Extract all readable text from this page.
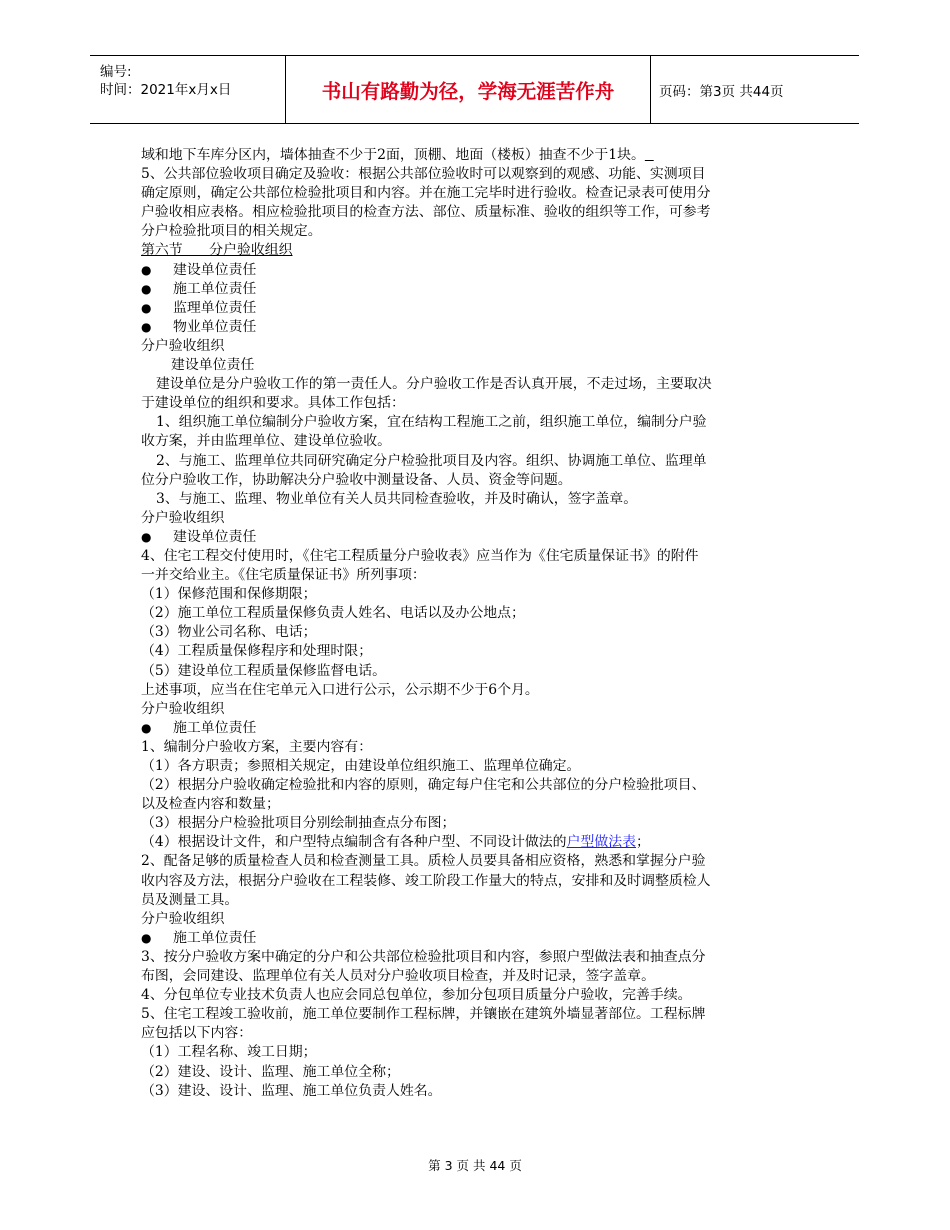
编号:
时间：2021年x月x日	书山有路勤为径，学海无涯苦作舟	页码：第3页 共44页
域和地下车库分区内，墙体抽查不少于2面，顶棚、地面（楼板）抽查不少于1块。
5、公共部位验收项目确定及验收：根据公共部位验收时可以观察到的观感、功能、实测项目
确定原则，确定公共部位检验批项目和内容。并在施工完毕时进行验收。检查记录表可使用分
户验收相应表格。相应检验批项目的检查方法、部位、质量标准、验收的组织等工作，可参考
分户检验批项目的相关规定。
第六节      分户验收组织
● 建设单位责任
● 施工单位责任
● 监理单位责任
● 物业单位责任
分户验收组织
建设单位责任
建设单位是分户验收工作的第一责任人。分户验收工作是否认真开展，不走过场，主要取决
于建设单位的组织和要求。具体工作包括：
1、组织施工单位编制分户验收方案，宜在结构工程施工之前，组织施工单位，编制分户验
收方案，并由监理单位、建设单位验收。
2、与施工、监理单位共同研究确定分户检验批项目及内容。组织、协调施工单位、监理单
位分户验收工作，协助解决分户验收中测量设备、人员、资金等问题。
3、与施工、监理、物业单位有关人员共同检查验收，并及时确认，签字盖章。
分户验收组织
● 建设单位责任
4、住宅工程交付使用时，《住宅工程质量分户验收表》应当作为《住宅质量保证书》的附件
一并交给业主。《住宅质量保证书》所列事项：
（1）保修范围和保修期限；
（2）施工单位工程质量保修负责人姓名、电话以及办公地点；
（3）物业公司名称、电话；
（4）工程质量保修程序和处理时限；
（5）建设单位工程质量保修监督电话。
上述事项，应当在住宅单元入口进行公示，公示期不少于6个月。
分户验收组织
● 施工单位责任
1、编制分户验收方案，主要内容有：
（1）各方职责；参照相关规定，由建设单位组织施工、监理单位确定。
（2）根据分户验收确定检验批和内容的原则，确定每户住宅和公共部位的分户检验批项目、
以及检查内容和数量；
（3）根据分户检验批项目分别绘制抽查点分布图；
（4）根据设计文件，和户型特点编制含有各种户型、不同设计做法的户型做法表；
2、配备足够的质量检查人员和检查测量工具。质检人员要具备相应资格，熟悉和掌握分户验
收内容及方法，根据分户验收在工程装修、竣工阶段工作量大的特点，安排和及时调整质检人
员及测量工具。
分户验收组织
● 施工单位责任
3、按分户验收方案中确定的分户和公共部位检验批项目和内容，参照户型做法表和抽查点分
布图，会同建设、监理单位有关人员对分户验收项目检查，并及时记录，签字盖章。
4、分包单位专业技术负责人也应会同总包单位，参加分包项目质量分户验收，完善手续。
5、住宅工程竣工验收前，施工单位要制作工程标牌，并镶嵌在建筑外墙显著部位。工程标牌
应包括以下内容：
（1）工程名称、竣工日期；
（2）建设、设计、监理、施工单位全称；
（3）建设、设计、监理、施工单位负责人姓名。
第 3 页 共 44 页
